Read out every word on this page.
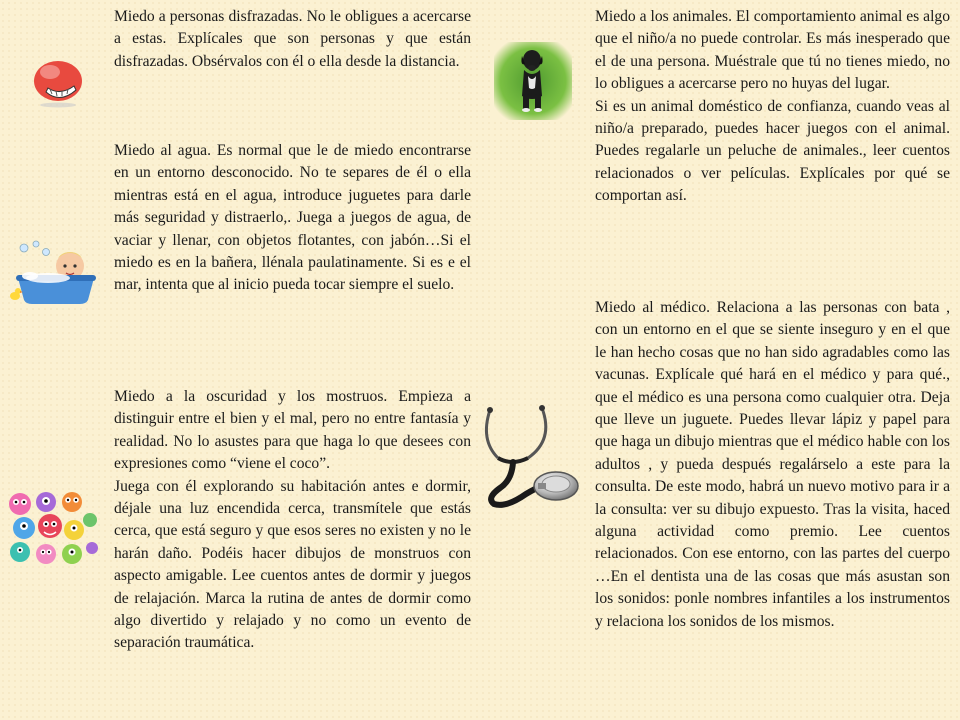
Miedo a personas disfrazadas. No le obligues a acercarse a estas. Explícales que son personas y que están disfrazadas. Obsérvalos con él o ella desde la distancia.

Miedo al agua. Es normal que le de miedo encontrarse en un entorno desconocido. No te separes de él o ella mientras está en el agua, introduce juguetes para darle más seguridad y distraerlo,. Juega a juegos de agua, de vaciar y llenar, con objetos flotantes, con jabón…Si el miedo es en la bañera, llénala paulatinamente. Si es e el mar, intenta que al inicio pueda tocar siempre el suelo.

Miedo a la oscuridad y los mostruos. Empieza a distinguir entre el bien y el mal, pero no entre fantasía y realidad. No lo asustes para que haga lo que desees con expresiones como “viene el coco”.

Juega con él explorando su habitación antes e dormir, déjale una luz encendida cerca, transmítele que estás cerca, que está seguro y que esos seres no existen y no le harán daño. Podéis hacer dibujos de monstruos con aspecto amigable. Lee cuentos antes de dormir y juegos de relajación. Marca la rutina de antes de dormir como algo divertido y relajado y no como un evento de separación traumática.

Miedo a los animales. El comportamiento animal es algo que el niño/a no puede controlar. Es más inesperado que el de una persona. Muéstrale que tú no tienes miedo, no lo obligues a acercarse pero no huyas del lugar.

Si es un animal doméstico de confianza, cuando veas al niño/a preparado, puedes hacer juegos con el animal. Puedes regalarle un peluche de animales., leer cuentos relacionados o ver películas. Explícales por qué se comportan así.

Miedo al médico. Relaciona a las personas con bata , con un entorno en el que se siente inseguro y en el que le han hecho cosas que no han sido agradables como las vacunas. Explícale qué hará en el médico y para qué., que el médico es una persona como cualquier otra. Deja que lleve un juguete. Puedes llevar lápiz y papel para que haga un dibujo mientras que el médico hable con los adultos , y pueda después regalárselo a este para la consulta. De este modo, habrá un nuevo motivo para ir a la consulta: ver su dibujo expuesto. Tras la visita, haced alguna actividad como premio. Lee cuentos relacionados. Con ese entorno, con las partes del cuerpo …En el dentista una de las cosas que más asustan son los sonidos: ponle nombres infantiles a los instrumentos y relaciona los sonidos de los mismos.
